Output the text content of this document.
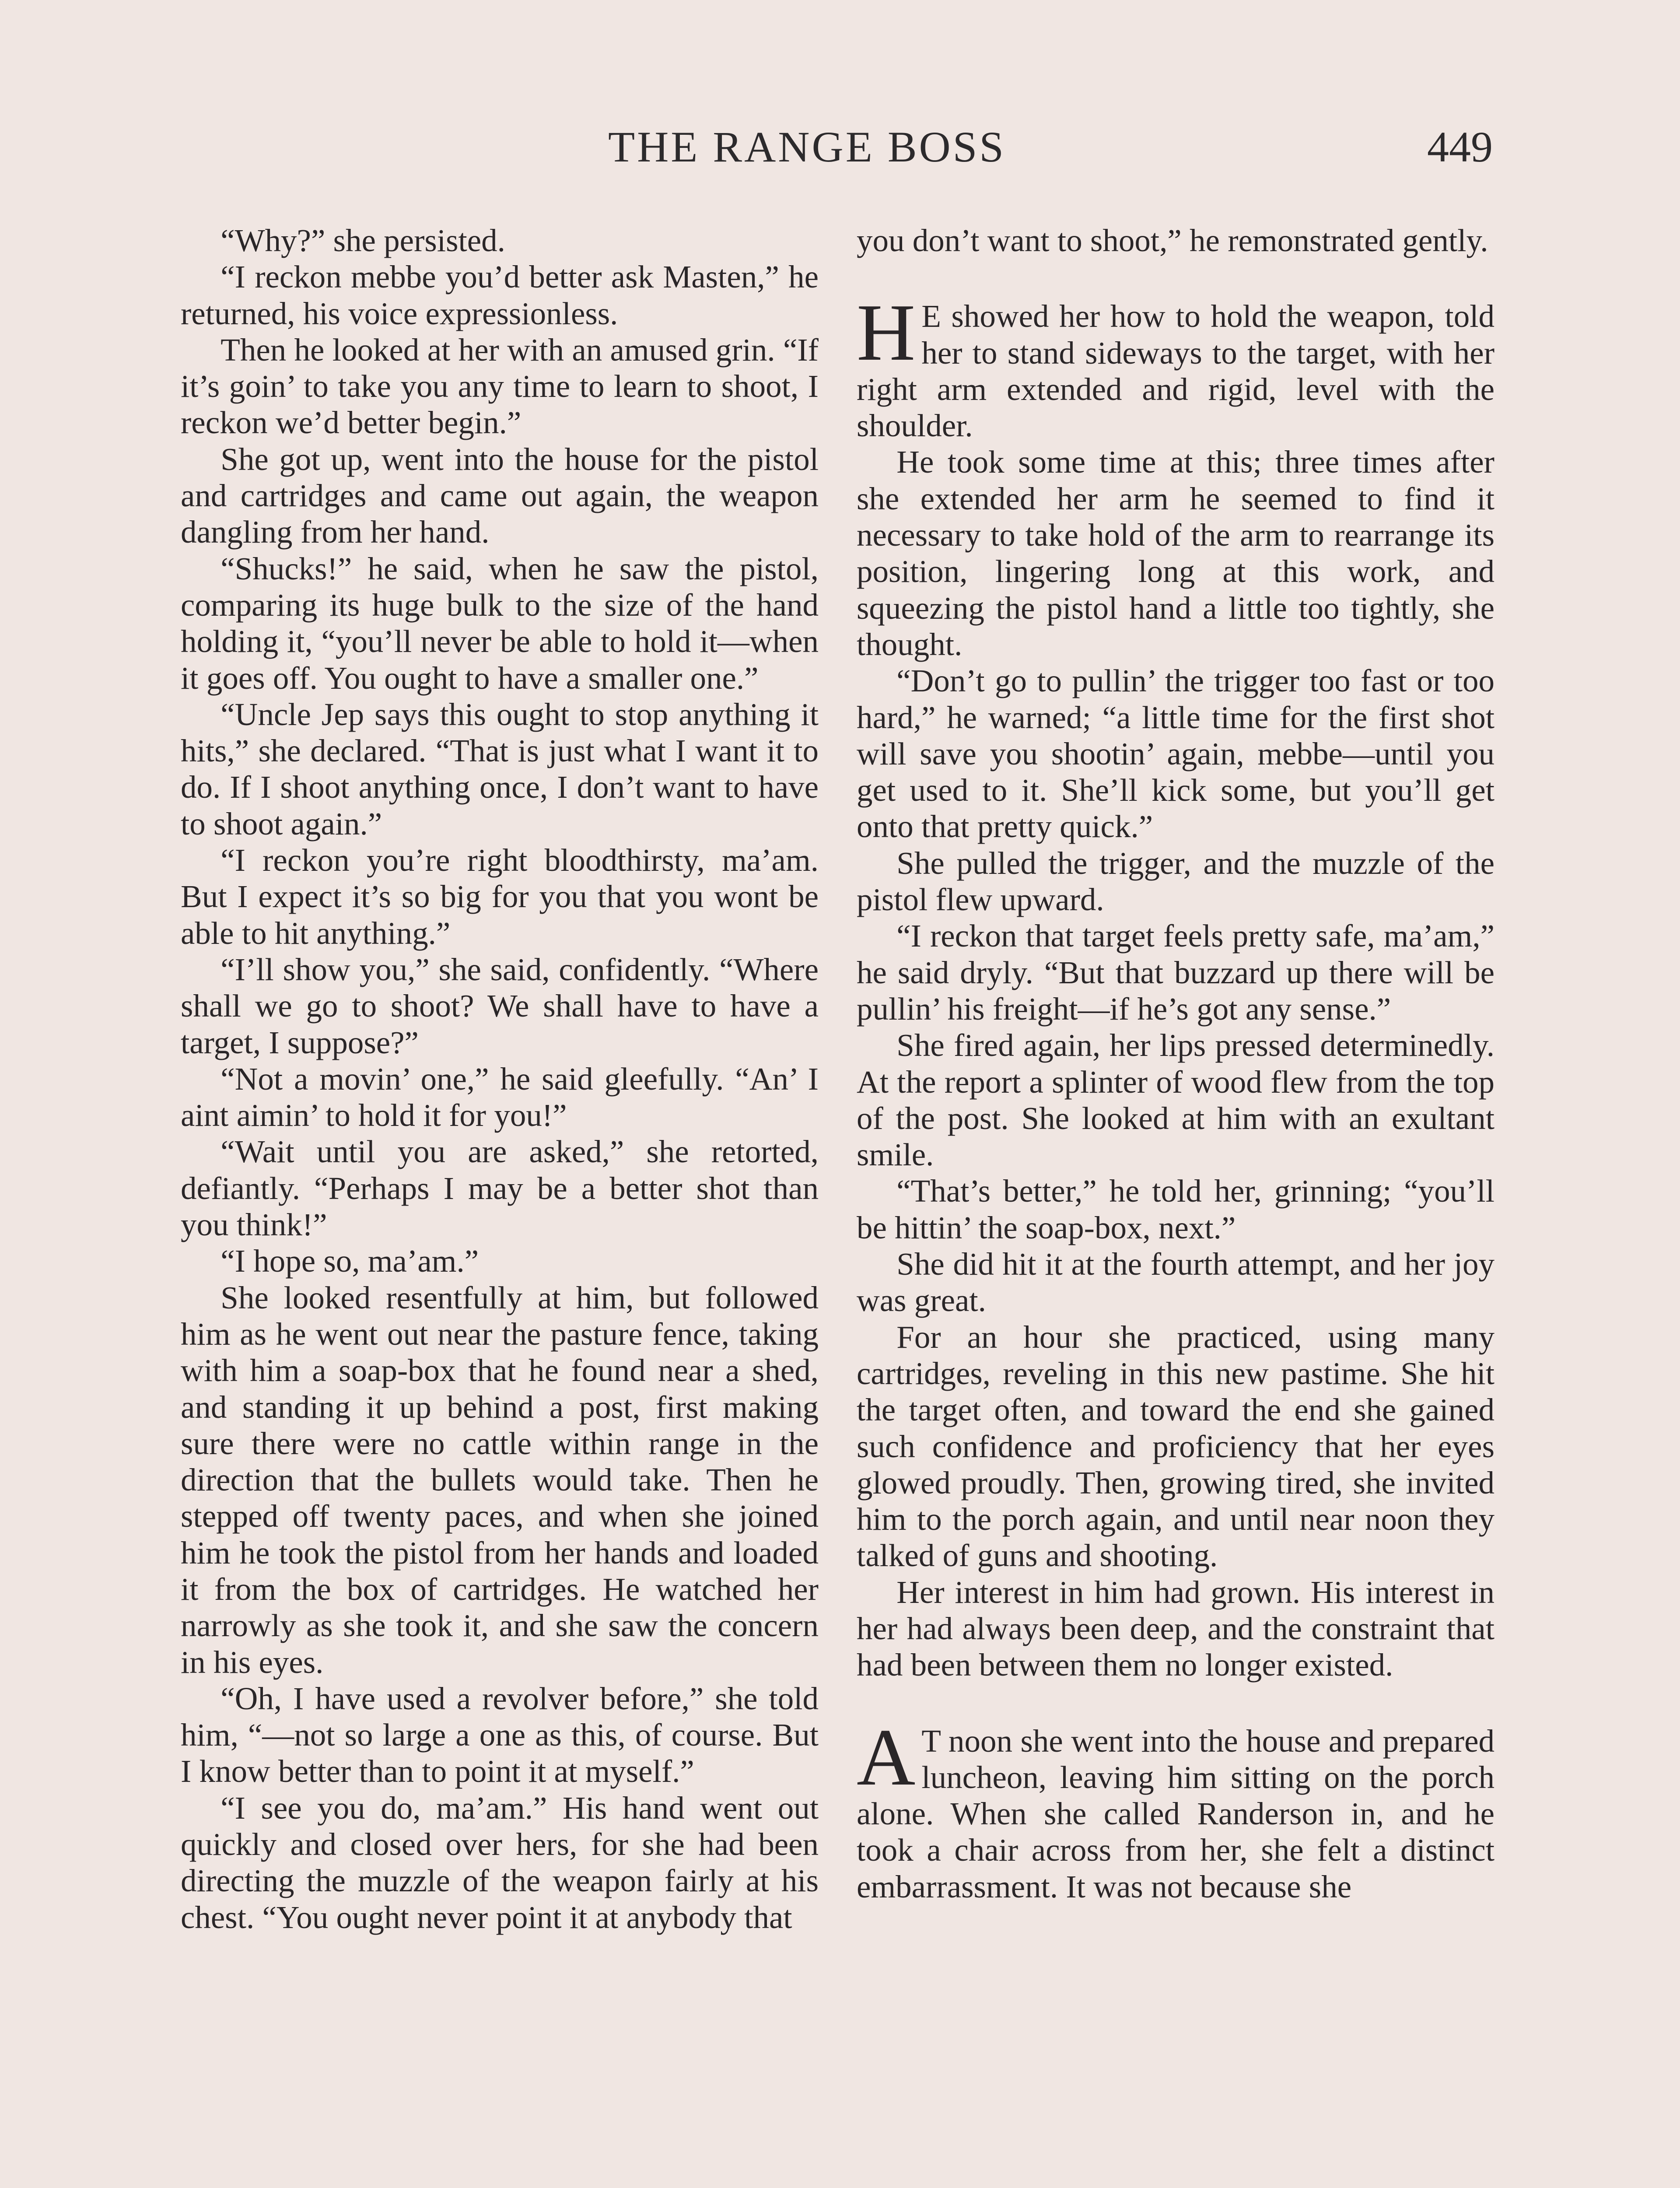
THE RANGE BOSS	449

“Why?” she persisted.

“I reckon mebbe you’d better ask Masten,” he returned, his voice expressionless.

Then he looked at her with an amused grin. “If it’s goin’ to take you any time to learn to shoot, I reckon we’d better begin.”

She got up, went into the house for the pistol and cartridges and came out again, the weapon dangling from her hand.

“Shucks!” he said, when he saw the pistol, comparing its huge bulk to the size of the hand holding it, “you’ll never be able to hold it—when it goes off. You ought to have a smaller one.”

“Uncle Jep says this ought to stop anything it hits,” she declared. “That is just what I want it to do. If I shoot anything once, I don’t want to have to shoot again.”

“I reckon you’re right bloodthirsty, ma’am. But I expect it’s so big for you that you wont be able to hit anything.”

“I’ll show you,” she said, confidently. “Where shall we go to shoot? We shall have to have a target, I suppose?”

“Not a movin’ one,” he said gleefully. “An’ I aint aimin’ to hold it for you!”

“Wait until you are asked,” she retorted, defiantly. “Perhaps I may be a better shot than you think!”

“I hope so, ma’am.”

She looked resentfully at him, but followed him as he went out near the pasture fence, taking with him a soap-box that he found near a shed, and standing it up behind a post, first making sure there were no cattle within range in the direction that the bullets would take. Then he stepped off twenty paces, and when she joined him he took the pistol from her hands and loaded it from the box of cartridges. He watched her narrowly as she took it, and she saw the concern in his eyes.

“Oh, I have used a revolver before,” she told him, “—not so large a one as this, of course. But I know better than to point it at myself.”

“I see you do, ma’am.” His hand went out quickly and closed over hers, for she had been directing the muzzle of the weapon fairly at his chest. “You ought never point it at anybody that

you don’t want to shoot,” he remonstrated gently.

H E showed her how to hold the weapon, told her to stand sideways to the target, with her right arm extended and rigid, level with the shoulder.

He took some time at this; three times after she extended her arm he seemed to find it necessary to take hold of the arm to rearrange its position, lingering long at this work, and squeezing the pistol hand a little too tightly, she thought.

“Don’t go to pullin’ the trigger too fast or too hard,” he warned; “a little time for the first shot will save you shootin’ again, mebbe—until you get used to it. She’ll kick some, but you’ll get onto that pretty quick.”

She pulled the trigger, and the muzzle of the pistol flew upward.

“I reckon that target feels pretty safe, ma’am,” he said dryly. “But that buzzard up there will be pullin’ his freight—if he’s got any sense.”

She fired again, her lips pressed determinedly. At the report a splinter of wood flew from the top of the post. She looked at him with an exultant smile.

“That’s better,” he told her, grinning; “you’ll be hittin’ the soap-box, next.”

She did hit it at the fourth attempt, and her joy was great.

For an hour she practiced, using many cartridges, reveling in this new pastime. She hit the target often, and toward the end she gained such confidence and proficiency that her eyes glowed proudly. Then, growing tired, she invited him to the porch again, and until near noon they talked of guns and shooting.

Her interest in him had grown. His interest in her had always been deep, and the constraint that had been between them no longer existed.

A T noon she went into the house and prepared luncheon, leaving him sitting on the porch alone. When she called Randerson in, and he took a chair across from her, she felt a distinct embarrassment. It was not because she
